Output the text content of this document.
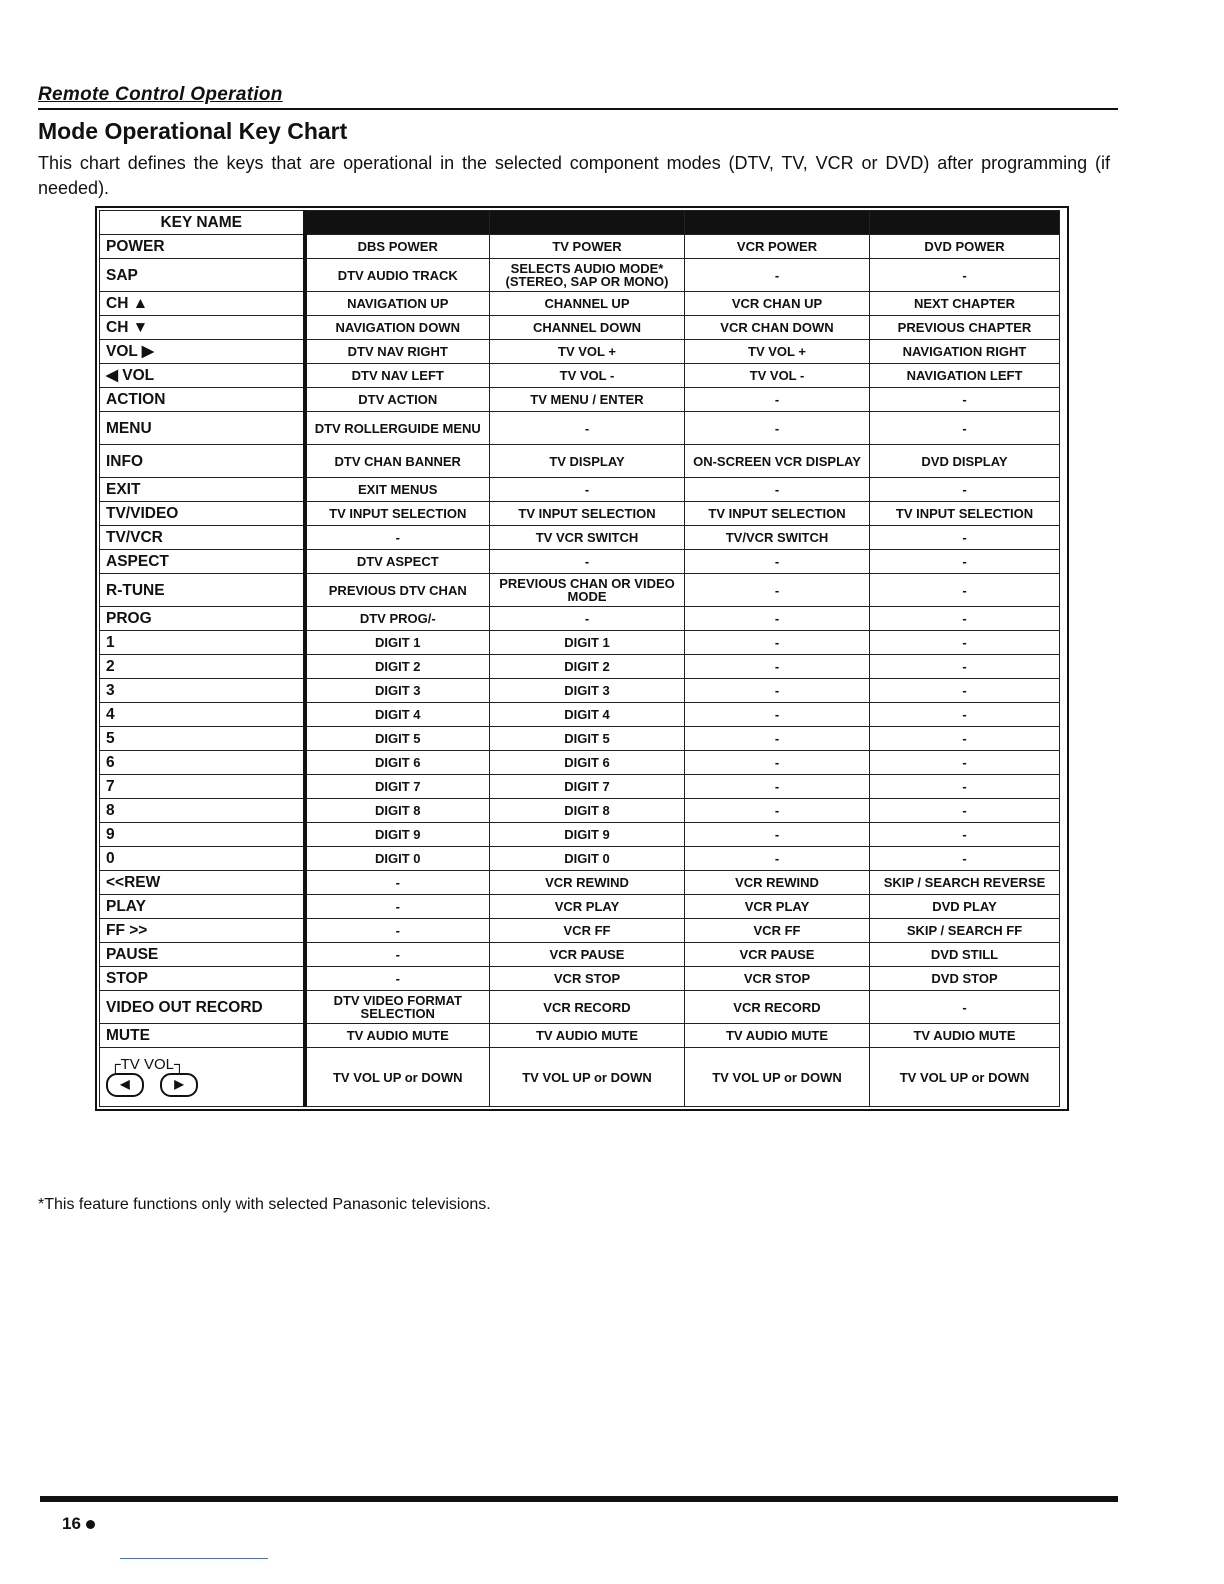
Remote Control Operation
Mode Operational Key Chart
This chart defines the keys that are operational in the selected component modes (DTV, TV, VCR or DVD) after programming (if needed).
KEY NAME				
POWER	DBS POWER	TV POWER	VCR POWER	DVD POWER
SAP	DTV AUDIO TRACK	SELECTS AUDIO MODE* (STEREO, SAP OR MONO)	-	-
CH ▲	NAVIGATION UP	CHANNEL UP	VCR CHAN UP	NEXT CHAPTER
CH ▼	NAVIGATION DOWN	CHANNEL DOWN	VCR CHAN DOWN	PREVIOUS CHAPTER
VOL ▶	DTV NAV RIGHT	TV VOL +	TV VOL +	NAVIGATION RIGHT
◀ VOL	DTV NAV LEFT	TV VOL -	TV VOL -	NAVIGATION LEFT
ACTION	DTV ACTION	TV MENU / ENTER	-	-
MENU	DTV ROLLERGUIDE MENU	-	-	-
INFO	DTV CHAN BANNER	TV DISPLAY	ON-SCREEN VCR DISPLAY	DVD DISPLAY
EXIT	EXIT MENUS	-	-	-
TV/VIDEO	TV INPUT SELECTION	TV INPUT SELECTION	TV INPUT SELECTION	TV INPUT SELECTION
TV/VCR	-	TV VCR SWITCH	TV/VCR SWITCH	-
ASPECT	DTV ASPECT	-	-	-
R-TUNE	PREVIOUS DTV CHAN	PREVIOUS CHAN OR VIDEO MODE	-	-
PROG	DTV PROG/-	-	-	-
1	DIGIT 1	DIGIT 1	-	-
2	DIGIT 2	DIGIT 2	-	-
3	DIGIT 3	DIGIT 3	-	-
4	DIGIT 4	DIGIT 4	-	-
5	DIGIT 5	DIGIT 5	-	-
6	DIGIT 6	DIGIT 6	-	-
7	DIGIT 7	DIGIT 7	-	-
8	DIGIT 8	DIGIT 8	-	-
9	DIGIT 9	DIGIT 9	-	-
0	DIGIT 0	DIGIT 0	-	-
<<REW	-	VCR REWIND	VCR REWIND	SKIP / SEARCH REVERSE
PLAY	-	VCR PLAY	VCR PLAY	DVD PLAY
FF >>	-	VCR FF	VCR FF	SKIP / SEARCH FF
PAUSE	-	VCR PAUSE	VCR PAUSE	DVD STILL
STOP	-	VCR STOP	VCR STOP	DVD STOP
VIDEO OUT RECORD	DTV VIDEO FORMAT SELECTION	VCR RECORD	VCR RECORD	-
MUTE	TV AUDIO MUTE	TV AUDIO MUTE	TV AUDIO MUTE	TV AUDIO MUTE

┌TV VOL┐
◀ ▶	TV VOL UP or DOWN	TV VOL UP or DOWN	TV VOL UP or DOWN	TV VOL UP or DOWN
*This feature functions only with selected Panasonic televisions.
16
